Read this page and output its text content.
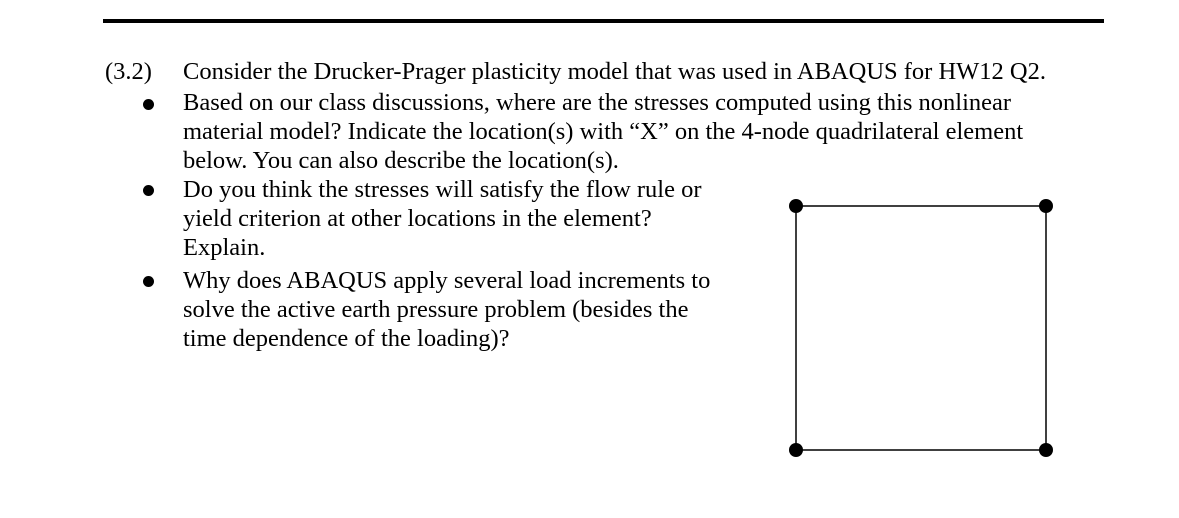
(3.2) Consider the Drucker-Prager plasticity model that was used in ABAQUS for HW12 Q2.
Based on our class discussions, where are the stresses computed using this nonlinear
material model? Indicate the location(s) with “X” on the 4-node quadrilateral element
below. You can also describe the location(s).
Do you think the stresses will satisfy the flow rule or
yield criterion at other locations in the element?
Explain.
Why does ABAQUS apply several load increments to
solve the active earth pressure problem (besides the
time dependence of the loading)?
